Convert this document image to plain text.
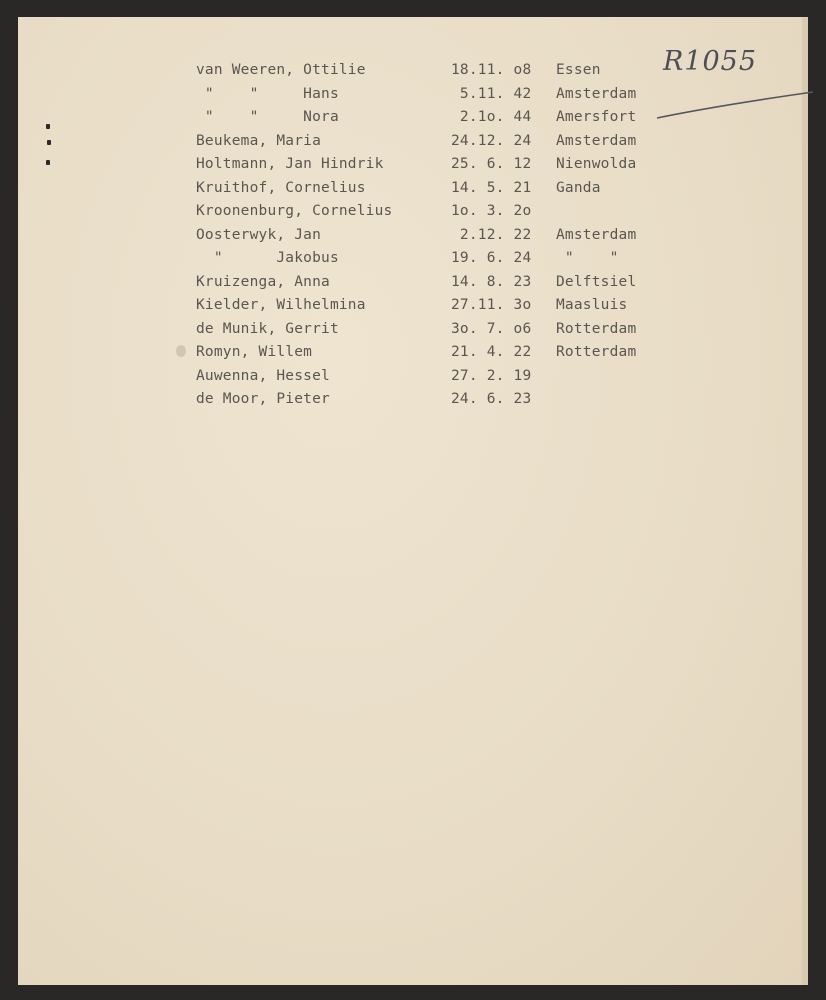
van Weeren, Ottilie	18.11. o8 Essen
"    "     Hans	5.11. 42 Amsterdam
"    "     Nora	2.1o. 44 Amersfort
Beukema, Maria	24.12. 24 Amsterdam
Holtmann, Jan Hindrik	25. 6. 12 Nienwolda
Kruithof, Cornelius	14. 5. 21 Ganda
Kroonenburg, Cornelius	1o. 3. 2o
Oosterwyk, Jan	2.12. 22 Amsterdam
"      Jakobus	19. 6. 24 "    "
Kruizenga, Anna	14. 8. 23 Delftsiel
Kielder, Wilhelmina	27.11. 3o Maasluis
de Munik, Gerrit	3o. 7. o6 Rotterdam
Romyn, Willem	21. 4. 22 Rotterdam
Auwenna, Hessel	27. 2. 19
de Moor, Pieter	24. 6. 23
R1055
